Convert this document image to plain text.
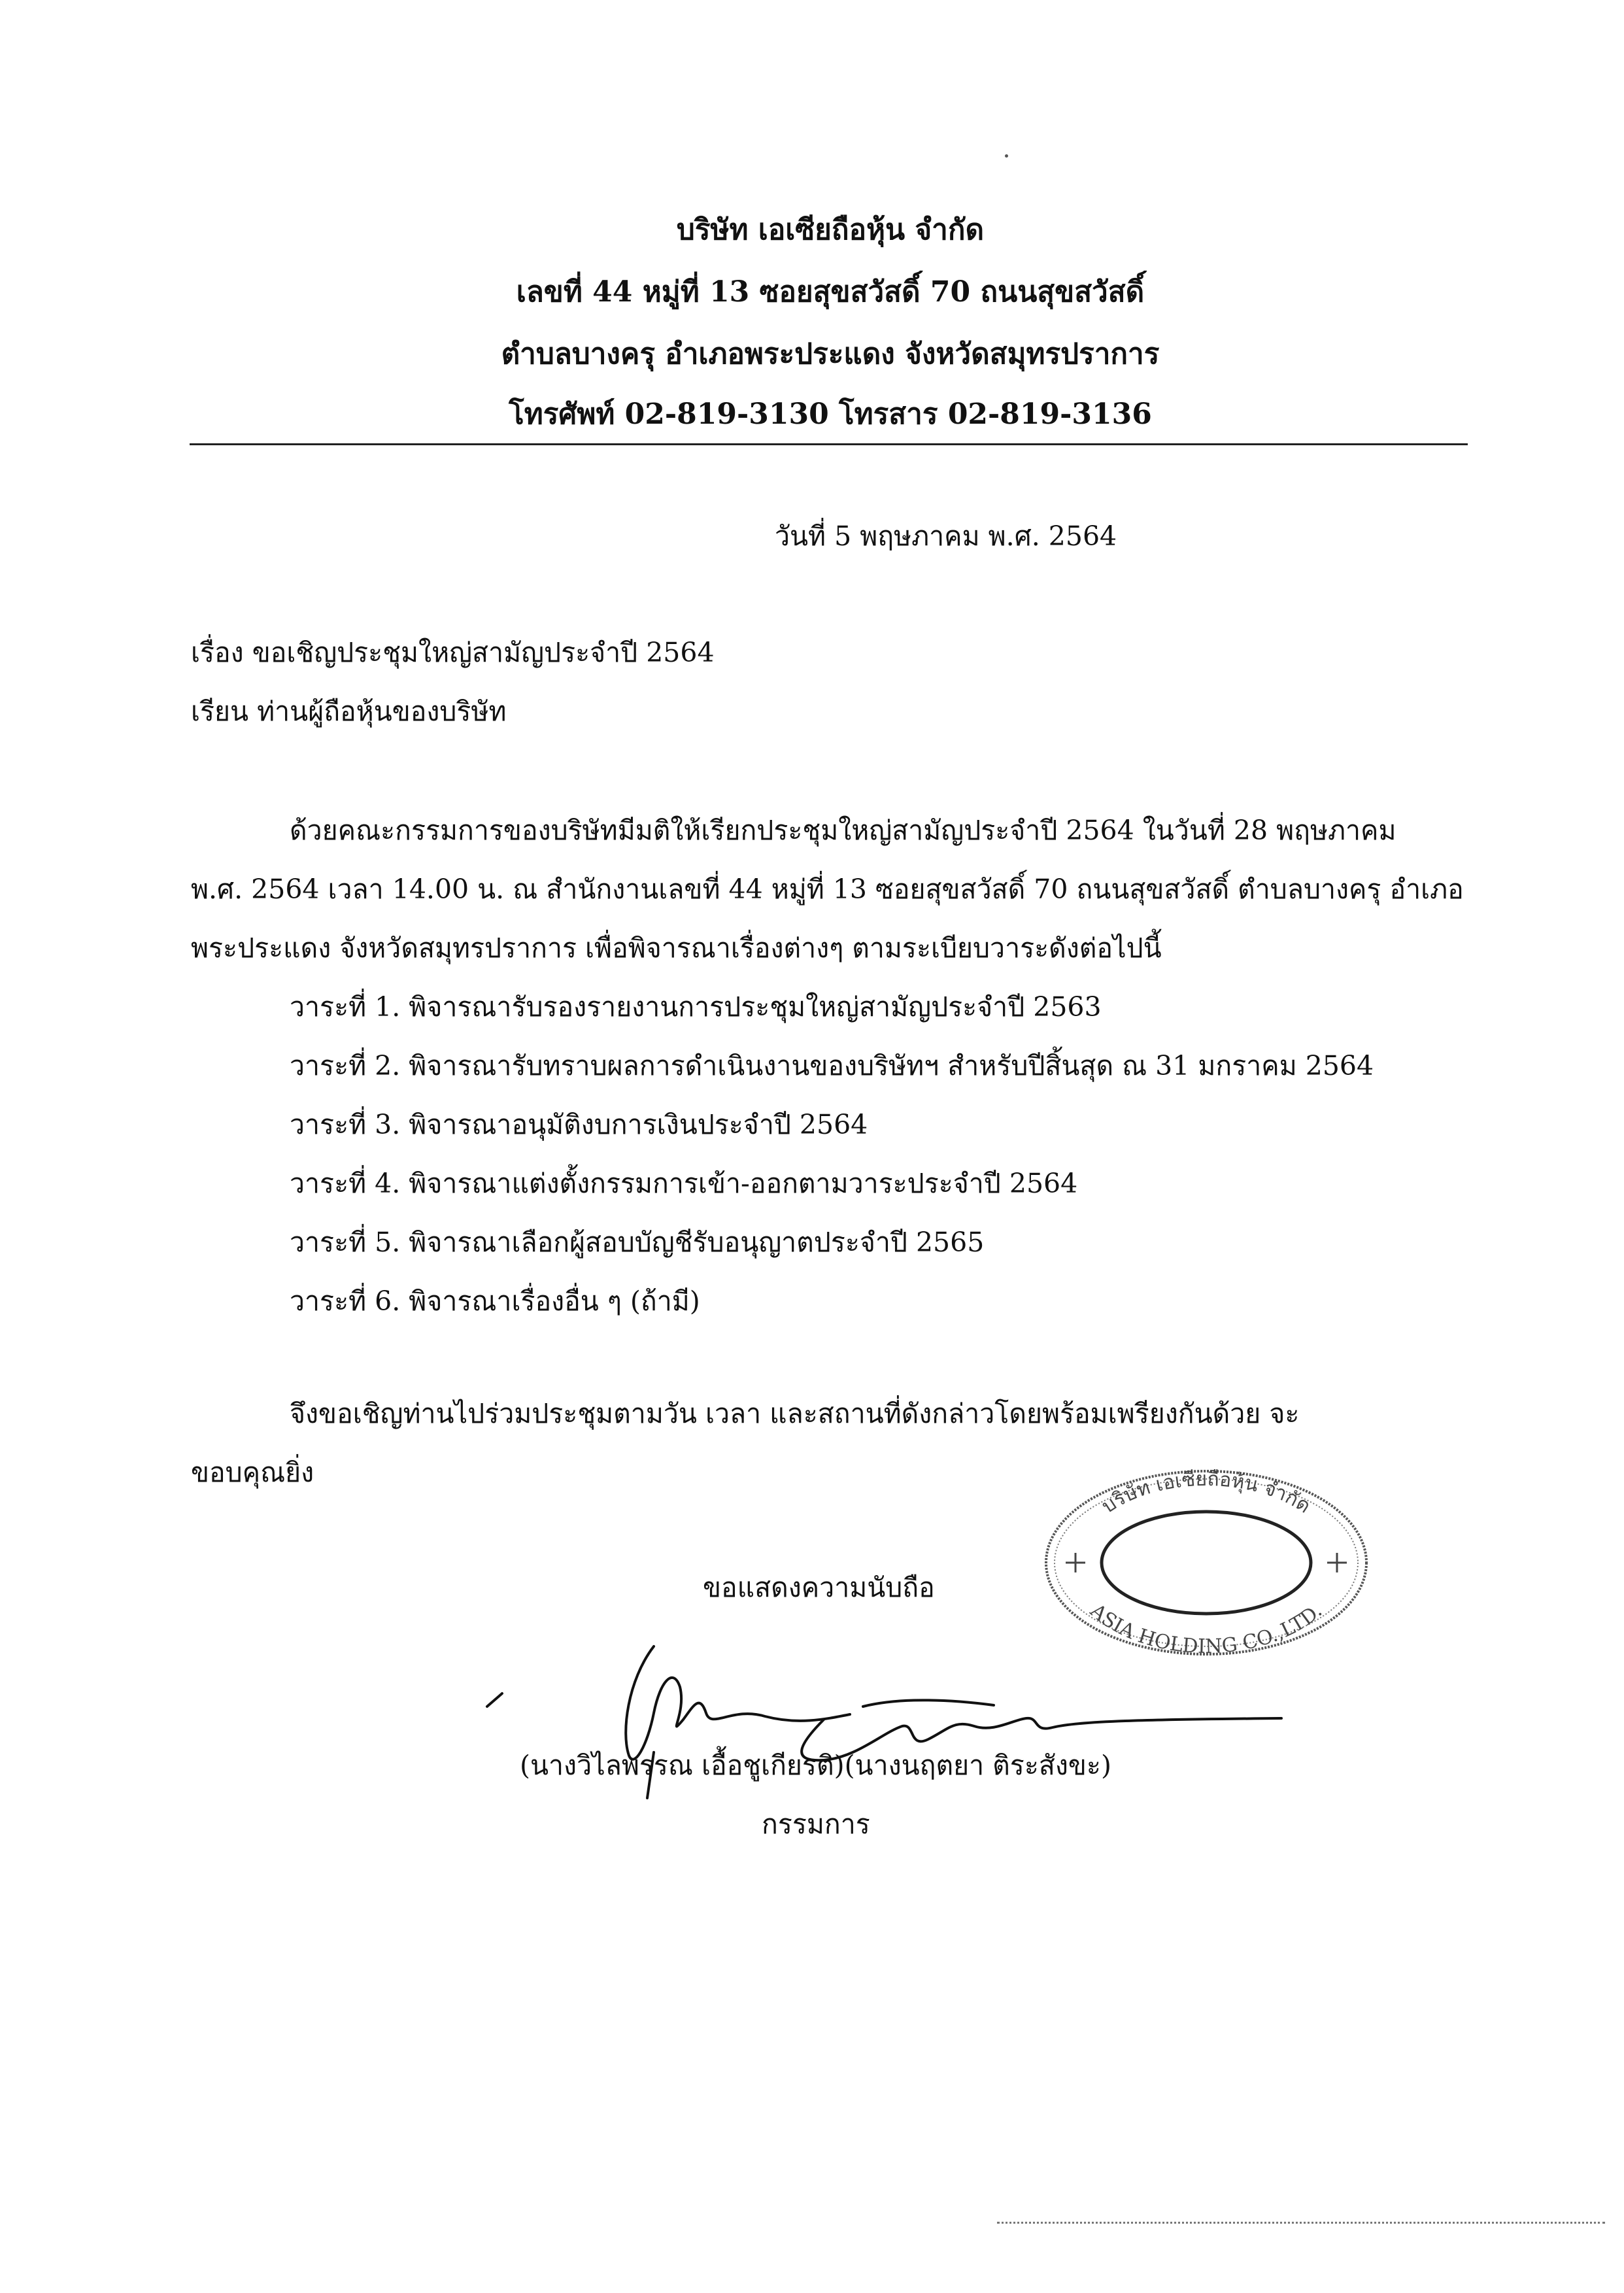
บริษัท เอเซียถือหุ้น จำกัด
เลขที่ 44 หมู่ที่ 13 ซอยสุขสวัสดิ์ 70 ถนนสุขสวัสดิ์
ตำบลบางครุ อำเภอพระประแดง จังหวัดสมุทรปราการ
โทรศัพท์ 02-819-3130 โทรสาร 02-819-3136
วันที่ 5 พฤษภาคม พ.ศ. 2564
เรื่อง ขอเชิญประชุมใหญ่สามัญประจำปี 2564
เรียน ท่านผู้ถือหุ้นของบริษัท
ด้วยคณะกรรมการของบริษัทมีมติให้เรียกประชุมใหญ่สามัญประจำปี 2564 ในวันที่ 28 พฤษภาคม
พ.ศ. 2564 เวลา 14.00 น. ณ สำนักงานเลขที่ 44 หมู่ที่ 13 ซอยสุขสวัสดิ์ 70 ถนนสุขสวัสดิ์ ตำบลบางครุ อำเภอ
พระประแดง จังหวัดสมุทรปราการ เพื่อพิจารณาเรื่องต่างๆ ตามระเบียบวาระดังต่อไปนี้
วาระที่ 1. พิจารณารับรองรายงานการประชุมใหญ่สามัญประจำปี 2563
วาระที่ 2. พิจารณารับทราบผลการดำเนินงานของบริษัทฯ สำหรับปีสิ้นสุด ณ 31 มกราคม 2564
วาระที่ 3. พิจารณาอนุมัติงบการเงินประจำปี 2564
วาระที่ 4. พิจารณาแต่งตั้งกรรมการเข้า-ออกตามวาระประจำปี 2564
วาระที่ 5. พิจารณาเลือกผู้สอบบัญชีรับอนุญาตประจำปี 2565
วาระที่ 6. พิจารณาเรื่องอื่น ๆ (ถ้ามี)
จึงขอเชิญท่านไปร่วมประชุมตามวัน เวลา และสถานที่ดังกล่าวโดยพร้อมเพรียงกันด้วย จะ
ขอบคุณยิ่ง
ขอแสดงความนับถือ
บริษัท เอเซียถือหุ้น จำกัด
ASIA HOLDING CO.,LTD.
(นางวิไลพรรณ เอื้อชูเกียรติ)(นางนฤตยา ติระสังขะ)
กรรมการ
